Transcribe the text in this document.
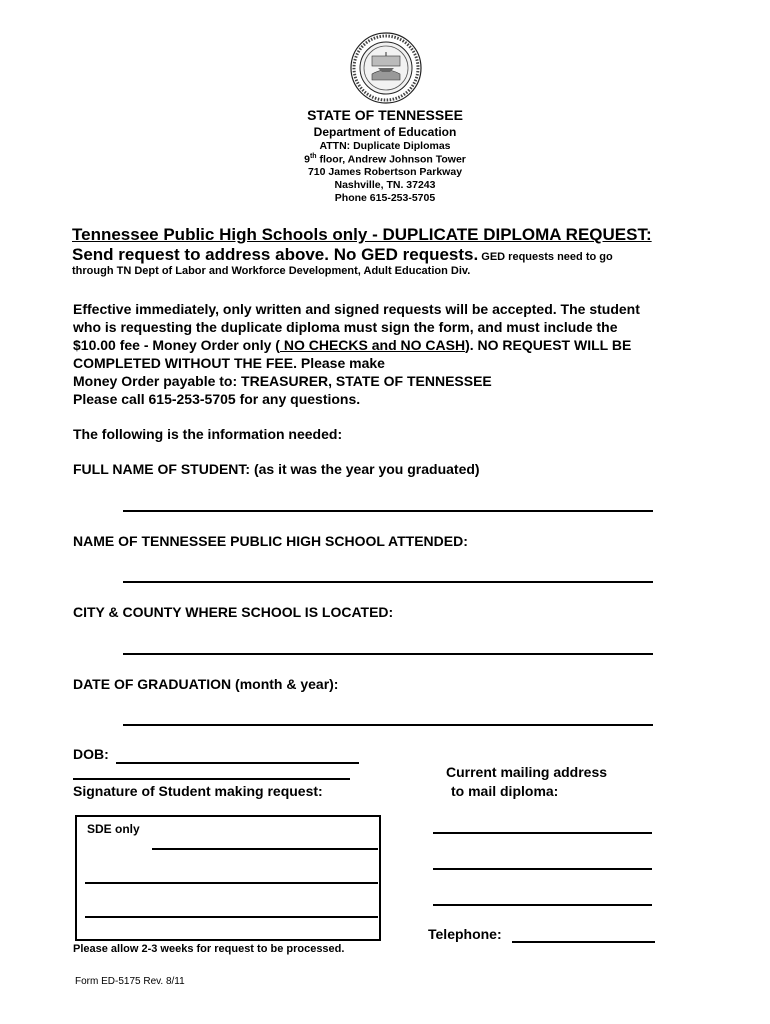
STATE OF TENNESSEE
Department of Education
ATTN: Duplicate Diplomas
9th floor, Andrew Johnson Tower
710 James Robertson Parkway
Nashville, TN. 37243
Phone 615-253-5705
Tennessee Public High Schools only - DUPLICATE DIPLOMA REQUEST:
Send request to address above. No GED requests. GED requests need to go
through TN Dept of Labor and Workforce Development, Adult Education Div.
Effective immediately, only written and signed requests will be accepted. The student
who is requesting the duplicate diploma must sign the form, and must include the
$10.00 fee - Money Order only ( NO CHECKS and NO CASH). NO REQUEST WILL BE
COMPLETED WITHOUT THE FEE. Please make
Money Order payable to: TREASURER, STATE OF TENNESSEE
Please call 615-253-5705 for any questions.
The following is the information needed:
FULL NAME OF STUDENT: (as it was the year you graduated)
NAME OF TENNESSEE PUBLIC HIGH SCHOOL ATTENDED:
CITY & COUNTY WHERE SCHOOL IS LOCATED:
DATE OF GRADUATION (month & year):
DOB:
Signature of Student making request:
Current mailing address
to mail diploma:
Telephone:
SDE only
Please allow 2-3 weeks for request to be processed.
Form ED-5175 Rev. 8/11
